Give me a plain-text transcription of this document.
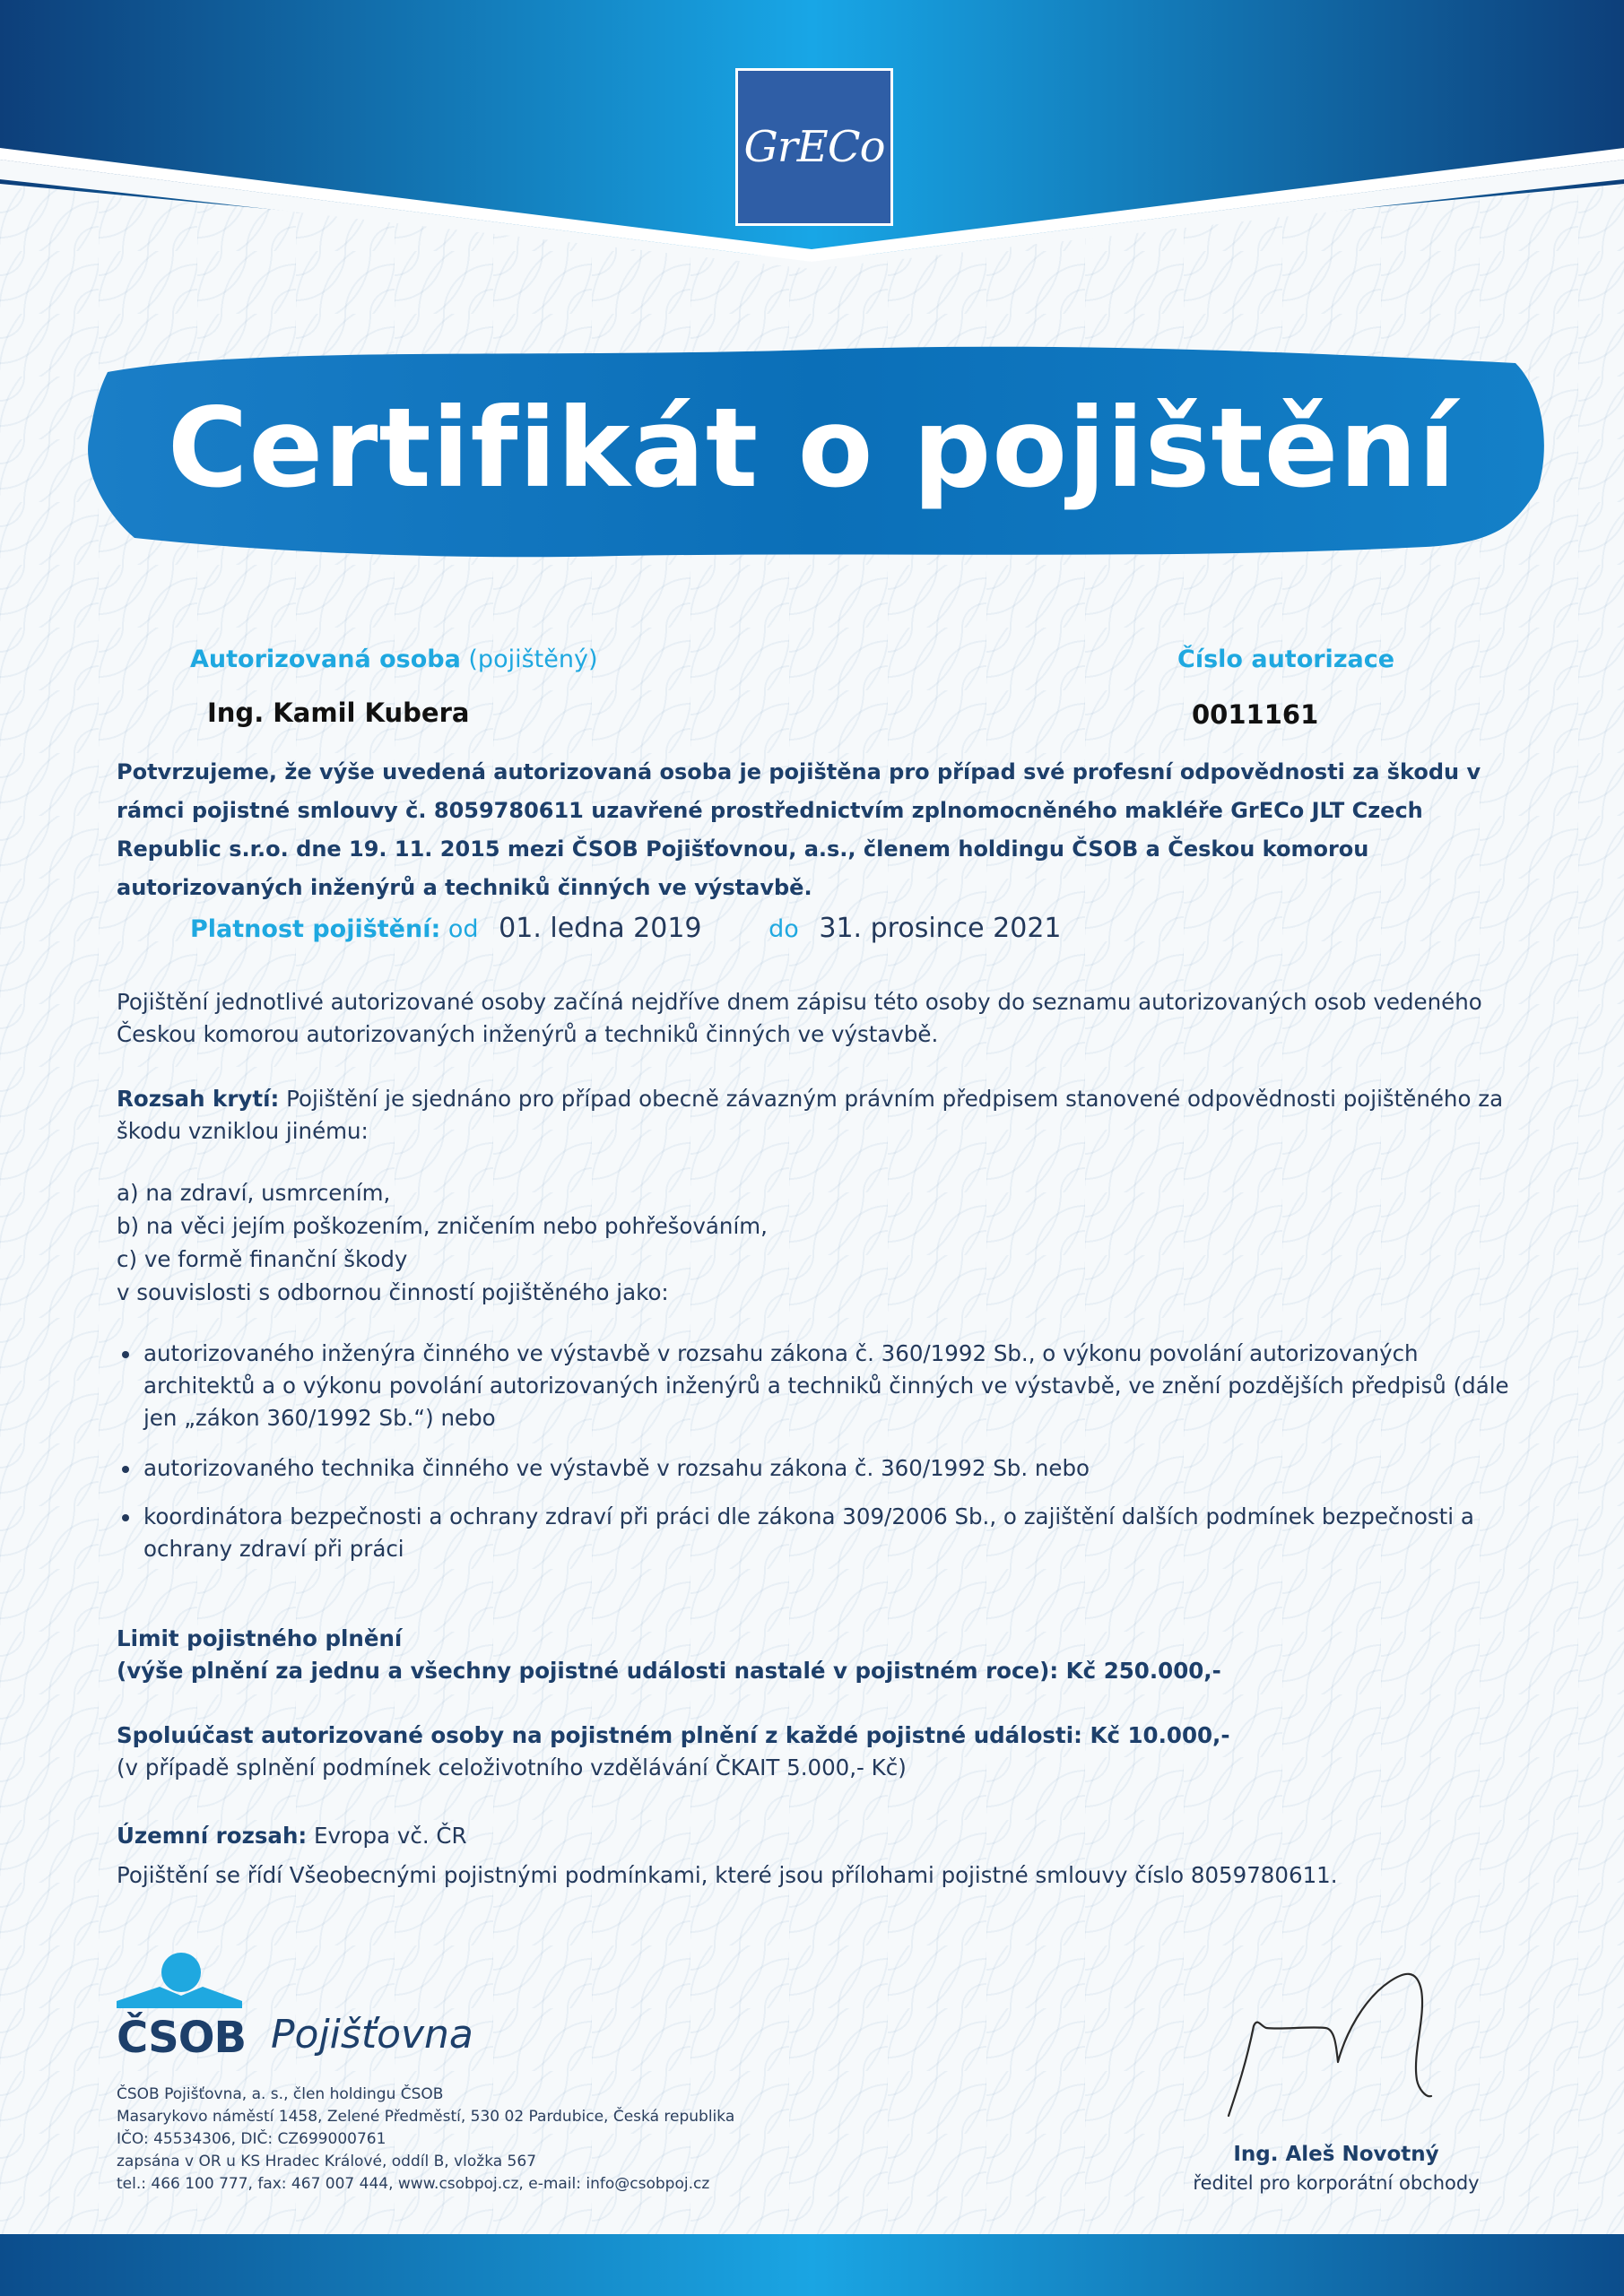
GrECo
Certifikát o pojištění
Autorizovaná osoba (pojištěný)
Ing. Kamil Kubera
Číslo autorizace
0011161
Potvrzujeme, že výše uvedená autorizovaná osoba je pojištěna pro případ své profesní odpovědnosti za škodu v rámci pojistné smlouvy č. 8059780611 uzavřené prostřednictvím zplnomocněného makléře GrECo JLT Czech Republic s.r.o. dne 19. 11. 2015 mezi ČSOB Pojišťovnou, a.s., členem holdingu ČSOB a Českou komorou autorizovaných inženýrů a techniků činných ve výstavbě.
Platnost pojištění: od 01. ledna 2019	do 31. prosince 2021
Pojištění jednotlivé autorizované osoby začíná nejdříve dnem zápisu této osoby do seznamu autorizovaných osob vedeného Českou komorou autorizovaných inženýrů a techniků činných ve výstavbě.
Rozsah krytí: Pojištění je sjednáno pro případ obecně závazným právním předpisem stanovené odpovědnosti pojištěného za škodu vzniklou jinému:
a) na zdraví, usmrcením,
b) na věci jejím poškozením, zničením nebo pohřešováním,
c) ve formě finanční škody
v souvislosti s odbornou činností pojištěného jako:
autorizovaného inženýra činného ve výstavbě v rozsahu zákona č. 360/1992 Sb., o výkonu povolání autorizovaných architektů a o výkonu povolání autorizovaných inženýrů a techniků činných ve výstavbě, ve znění pozdějších předpisů (dále jen „zákon 360/1992 Sb.“) nebo
autorizovaného technika činného ve výstavbě v rozsahu zákona č. 360/1992 Sb. nebo
koordinátora bezpečnosti a ochrany zdraví při práci dle zákona 309/2006 Sb., o zajištění dalších podmínek bezpečnosti a ochrany zdraví při práci
Limit pojistného plnění
(výše plnění za jednu a všechny pojistné události nastalé v pojistném roce): Kč 250.000,-
Spoluúčast autorizované osoby na pojistném plnění z každé pojistné události: Kč 10.000,-
(v případě splnění podmínek celoživotního vzdělávání ČKAIT 5.000,- Kč)
Územní rozsah: Evropa vč. ČR
Pojištění se řídí Všeobecnými pojistnými podmínkami, které jsou přílohami pojistné smlouvy číslo 8059780611.
ČSOB Pojišťovna
ČSOB Pojišťovna, a. s., člen holdingu ČSOB
Masarykovo náměstí 1458, Zelené Předměstí, 530 02 Pardubice, Česká republika
IČO: 45534306, DIČ: CZ699000761
zapsána v OR u KS Hradec Králové, oddíl B, vložka 567
tel.: 466 100 777, fax: 467 007 444, www.csobpoj.cz, e-mail: info@csobpoj.cz
Ing. Aleš Novotný
ředitel pro korporátní obchody
